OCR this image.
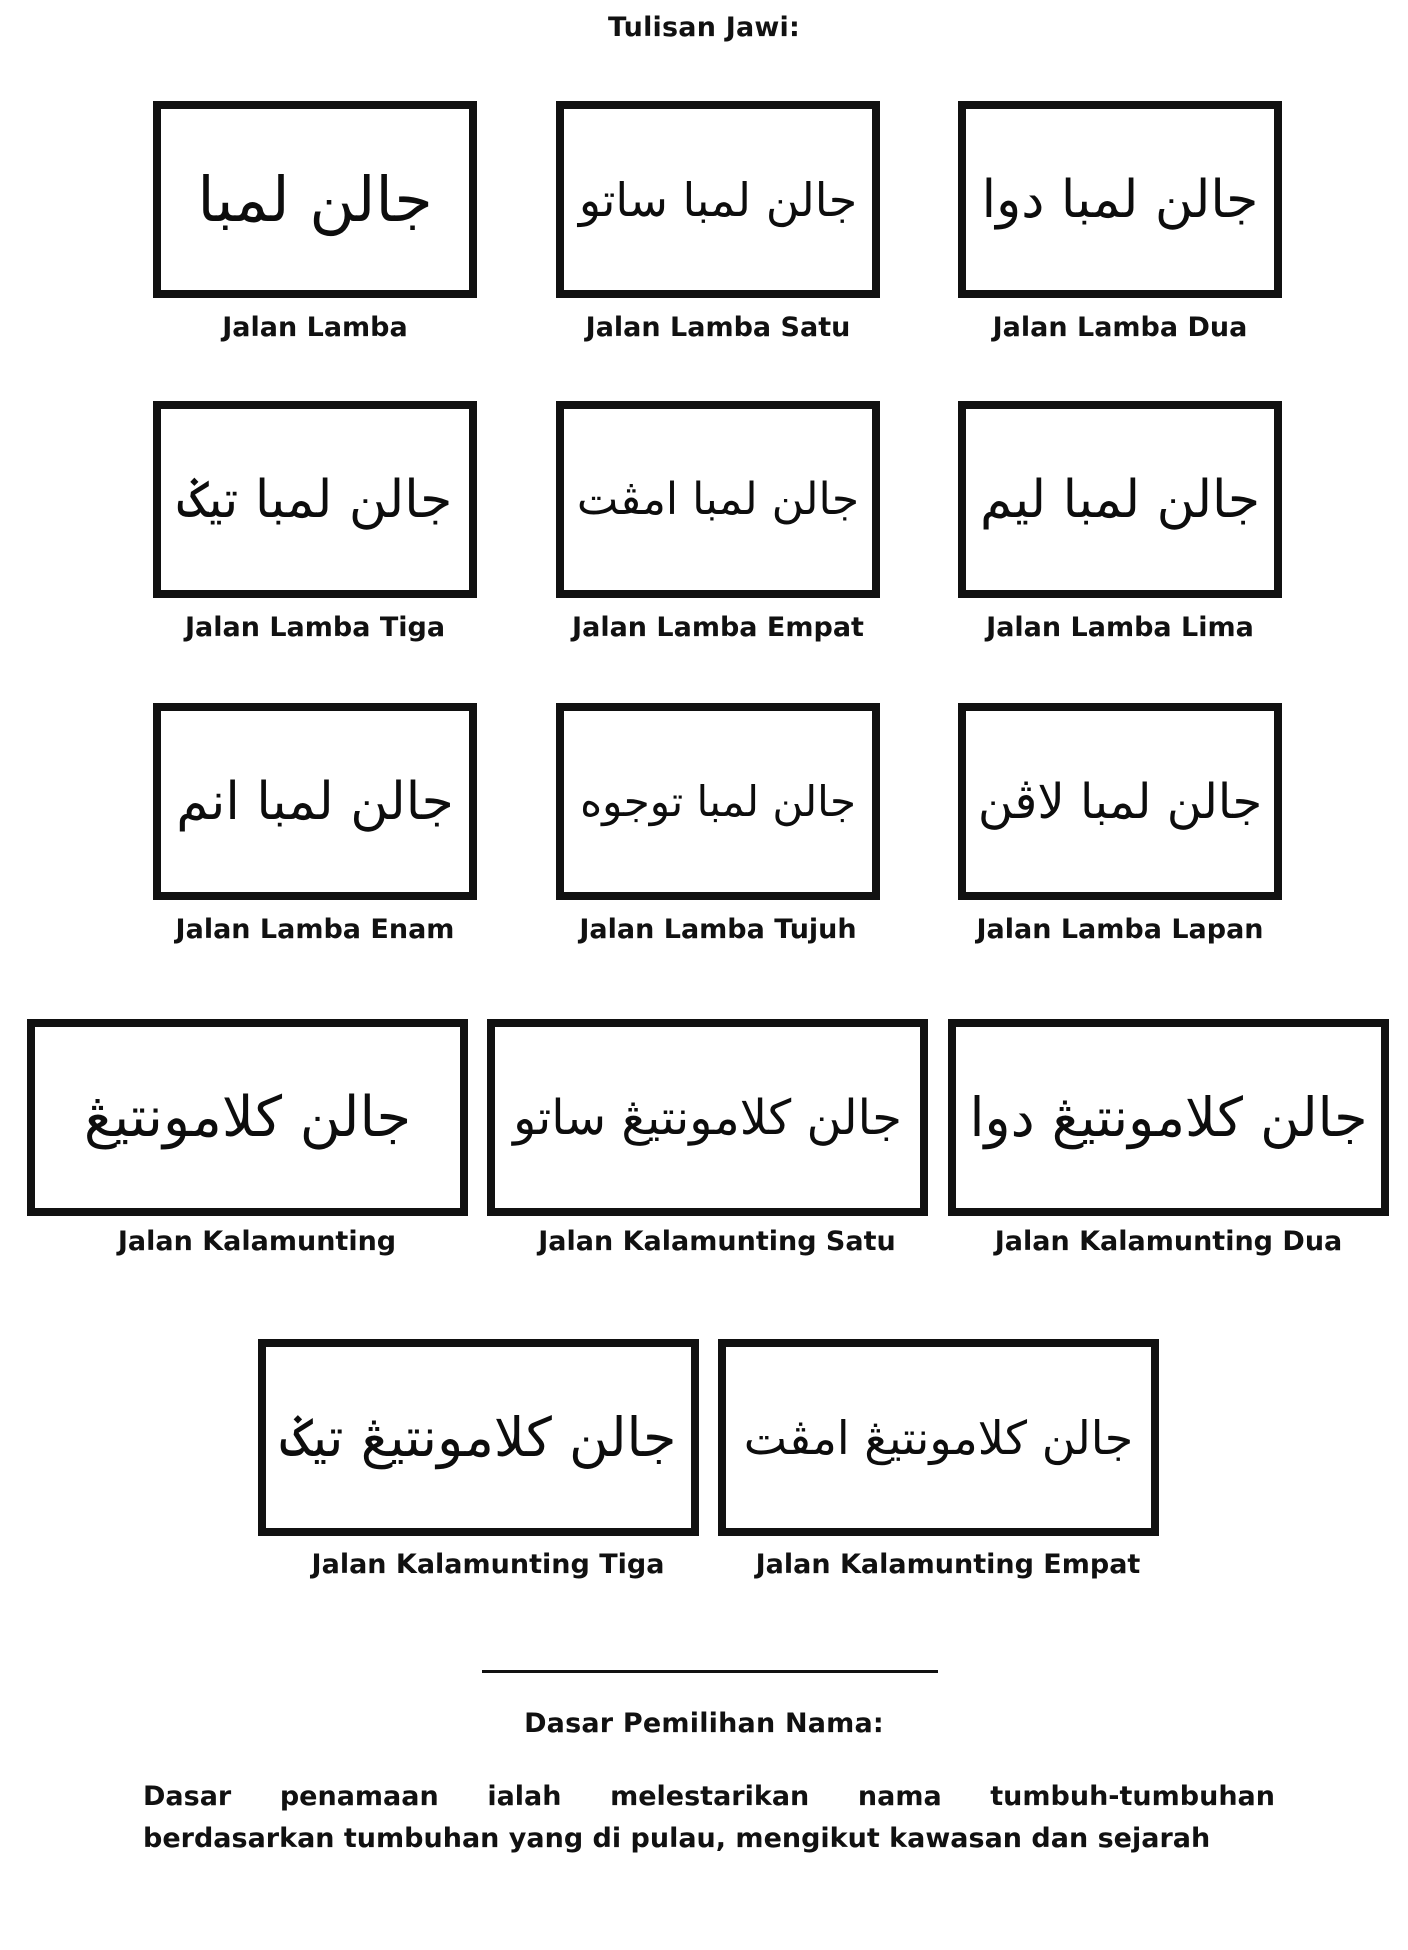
Tulisan Jawi:
جالن لمبا
Jalan Lamba
جالن لمبا ساتو
Jalan Lamba Satu
جالن لمبا دوا
Jalan Lamba Dua
جالن لمبا تيݢ
Jalan Lamba Tiga
جالن لمبا امڤت
Jalan Lamba Empat
جالن لمبا ليم
Jalan Lamba Lima
جالن لمبا انم
Jalan Lamba Enam
جالن لمبا توجوه
Jalan Lamba Tujuh
جالن لمبا لاڤن
Jalan Lamba Lapan
جالن کلامونتيڠ
Jalan Kalamunting
جالن کلامونتيڠ ساتو
Jalan Kalamunting Satu
جالن کلامونتيڠ دوا
Jalan Kalamunting Dua
جالن کلامونتيڠ تيݢ
Jalan Kalamunting Tiga
جالن کلامونتيڠ امڤت
Jalan Kalamunting Empat
Dasar Pemilihan Nama:
Dasar penamaan ialah melestarikan nama tumbuh-tumbuhan berdasarkan tumbuhan yang di pulau, mengikut kawasan dan sejarah
